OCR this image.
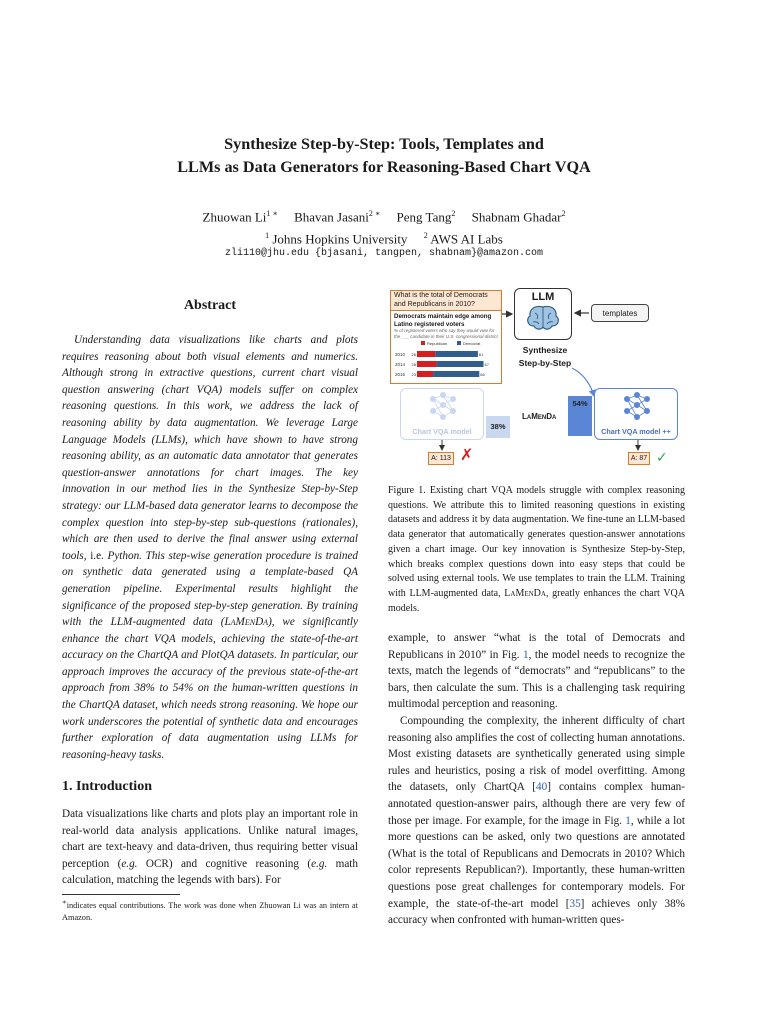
Synthesize Step-by-Step: Tools, Templates and
LLMs as Data Generators for Reasoning-Based Chart VQA
Zhuowan $Li^{1 ∗}$ Bhavan Jasani$^{2 ∗}$ Peng Tang$^2$ Shabnam Ghadar$^2$
$^1$ Johns Hopkins University $^2$ AWS AI Labs
zli110@jhu.edu {bjasani, tangpen, shabnam}@amazon.com
Abstract
Understanding data visualizations like charts and plots requires reasoning about both visual elements and numerics. Although strong in extractive questions, current chart visual question answering (chart VQA) models suffer on complex reasoning questions. In this work, we address the lack of reasoning ability by data augmentation. We leverage Large Language Models (LLMs), which have shown to have strong reasoning ability, as an automatic data annotator that generates question-answer annotations for chart images. The key innovation in our method lies in the Synthesize Step-by-Step strategy: our LLM-based data generator learns to decompose the complex question into step-by-step sub-questions (rationales), which are then used to derive the final answer using external tools, i.e. Python. This step-wise generation procedure is trained on synthetic data generated using a template-based QA generation pipeline. Experimental results highlight the significance of the proposed step-by-step generation. By training with the LLM-augmented data (LaMenDa), we significantly enhance the chart VQA models, achieving the state-of-the-art accuracy on the ChartQA and PlotQA datasets. In particular, our approach improves the accuracy of the previous state-of-the-art approach from 38% to 54% on the human-written questions in the ChartQA dataset, which needs strong reasoning. We hope our work underscores the potential of synthetic data and encourages further exploration of data augmentation using LLMs for reasoning-heavy tasks.
1. Introduction
Data visualizations like charts and plots play an important role in real-world data analysis applications. Unlike natural images, chart are text-heavy and data-driven, thus requiring better visual perception (e.g. OCR) and cognitive reasoning (e.g. math calculation, matching the legends with bars). For
∗indicates equal contributions. The work was done when Zhuowan Li was an intern at Amazon.
What is the total of Democrats and Republicans in 2010?
Democrats maintain edge among Latino registered voters
% of registered voters who say they would vote for the ___ candidate in their U.S. congressional district
Republican	Democrat
2010 26	61
2014 28	67
2016 23	66
LLM
templates
Synthesize
Step-by-Step
Chart VQA model
38%
LaMenDa
54%
Chart VQA model ++
A: 113 ✗	A: 87 ✓
Figure 1. Existing chart VQA models struggle with complex reasoning questions. We attribute this to limited reasoning questions in existing datasets and address it by data augmentation. We fine-tune an LLM-based data generator that automatically generates question-answer annotations given a chart image. Our key innovation is Synthesize Step-by-Step, which breaks complex questions down into easy steps that could be solved using external tools. We use templates to train the LLM. Training with LLM-augmented data, LaMenDa, greatly enhances the chart VQA models.

example, to answer “what is the total of Democrats and Republicans in 2010” in Fig. 1, the model needs to recognize the texts, match the legends of “democrats” and “republicans” to the bars, then calculate the sum. This is a challenging task requiring multimodal perception and reasoning.

Compounding the complexity, the inherent difficulty of chart reasoning also amplifies the cost of collecting human annotations. Most existing datasets are synthetically generated using simple rules and heuristics, posing a risk of model overfitting. Among the datasets, only ChartQA [40] contains complex human-annotated question-answer pairs, although there are very few of those per image. For example, for the image in Fig. 1, while a lot more questions can be asked, only two questions are annotated (What is the total of Republicans and Democrats in 2010? Which color represents Republican?). Importantly, these human-written questions pose great challenges for contemporary models. For example, the state-of-the-art model [35] achieves only 38% accuracy when confronted with human-written ques-
